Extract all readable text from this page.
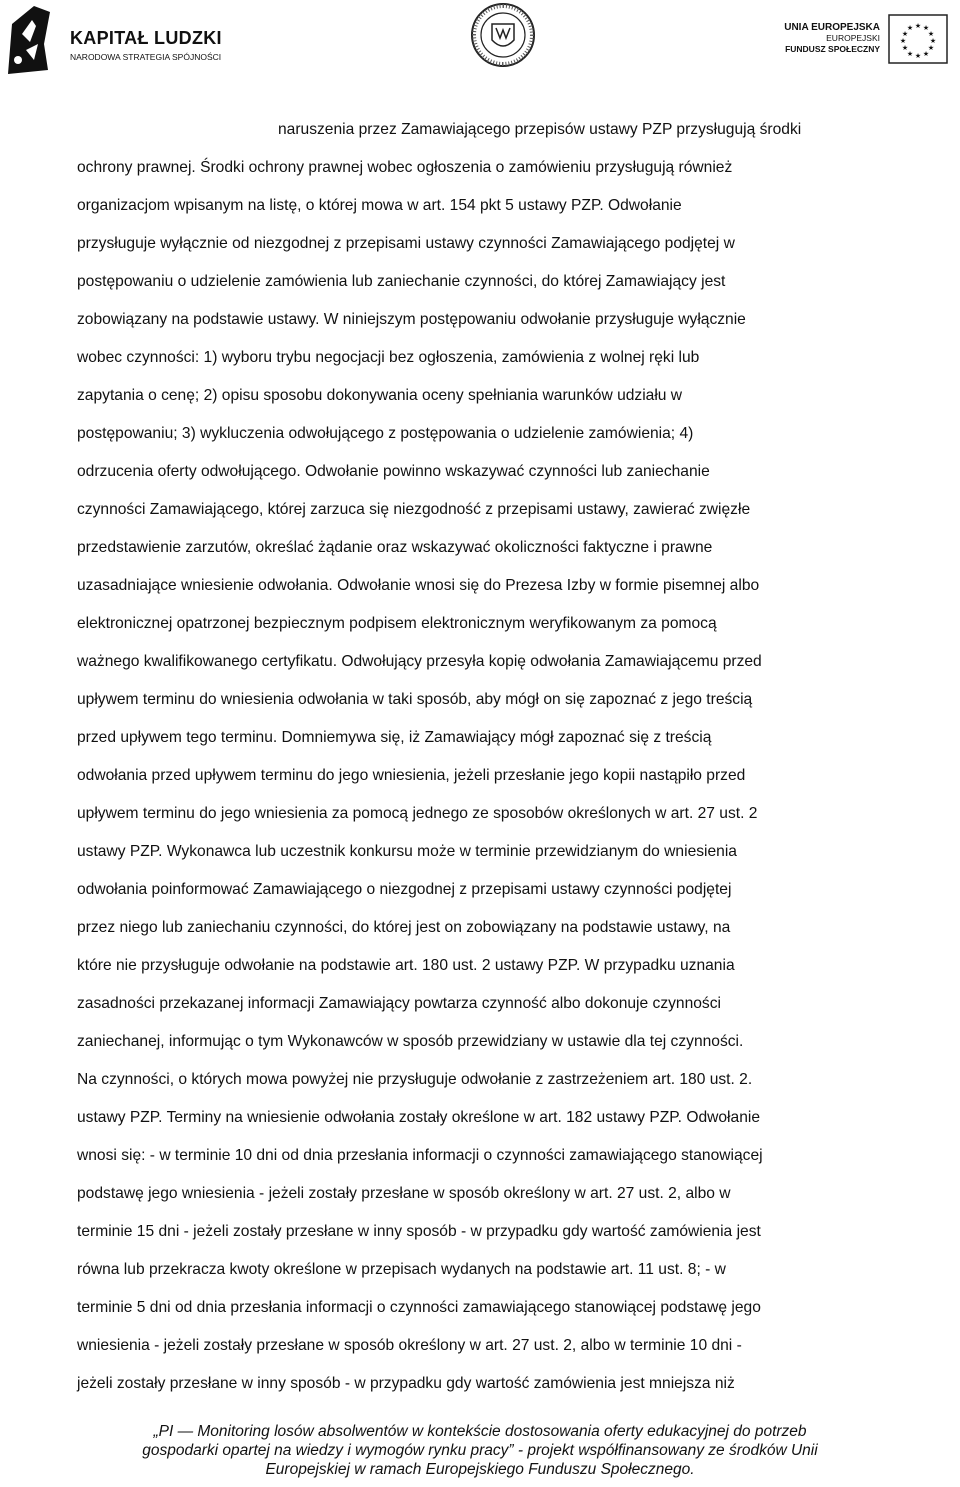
KAPITAŁ LUDZKI
NARODOWA STRATEGIA SPÓJNOŚCI
UNIA EUROPEJSKA
EUROPEJSKI
FUNDUSZ SPOŁECZNY
★ ★
★
★
★
★
★
★
★
★
★
★
naruszenia przez Zamawiającego przepisów ustawy PZP przysługują środki
ochrony prawnej. Środki ochrony prawnej wobec ogłoszenia o zamówieniu przysługują również
organizacjom wpisanym na listę, o której mowa w art. 154 pkt 5 ustawy PZP. Odwołanie
przysługuje wyłącznie od niezgodnej z przepisami ustawy czynności Zamawiającego podjętej w
postępowaniu o udzielenie zamówienia lub zaniechanie czynności, do której Zamawiający jest
zobowiązany na podstawie ustawy. W niniejszym postępowaniu odwołanie przysługuje wyłącznie
wobec czynności: 1) wyboru trybu negocjacji bez ogłoszenia, zamówienia z wolnej ręki lub
zapytania o cenę; 2) opisu sposobu dokonywania oceny spełniania warunków udziału w
postępowaniu; 3) wykluczenia odwołującego z postępowania o udzielenie zamówienia; 4)
odrzucenia oferty odwołującego. Odwołanie powinno wskazywać czynności lub zaniechanie
czynności Zamawiającego, której zarzuca się niezgodność z przepisami ustawy, zawierać zwięzłe
przedstawienie zarzutów, określać żądanie oraz wskazywać okoliczności faktyczne i prawne
uzasadniające wniesienie odwołania. Odwołanie wnosi się do Prezesa Izby w formie pisemnej albo
elektronicznej opatrzonej bezpiecznym podpisem elektronicznym weryfikowanym za pomocą
ważnego kwalifikowanego certyfikatu. Odwołujący przesyła kopię odwołania Zamawiającemu przed
upływem terminu do wniesienia odwołania w taki sposób, aby mógł on się zapoznać z jego treścią
przed upływem tego terminu. Domniemywa się, iż Zamawiający mógł zapoznać się z treścią
odwołania przed upływem terminu do jego wniesienia, jeżeli przesłanie jego kopii nastąpiło przed
upływem terminu do jego wniesienia za pomocą jednego ze sposobów określonych w art. 27 ust. 2
ustawy PZP. Wykonawca lub uczestnik konkursu może w terminie przewidzianym do wniesienia
odwołania poinformować Zamawiającego o niezgodnej z przepisami ustawy czynności podjętej
przez niego lub zaniechaniu czynności, do której jest on zobowiązany na podstawie ustawy, na
które nie przysługuje odwołanie na podstawie art. 180 ust. 2 ustawy PZP. W przypadku uznania
zasadności przekazanej informacji Zamawiający powtarza czynność albo dokonuje czynności
zaniechanej, informując o tym Wykonawców w sposób przewidziany w ustawie dla tej czynności.
Na czynności, o których mowa powyżej nie przysługuje odwołanie z zastrzeżeniem art. 180 ust. 2.
ustawy PZP. Terminy na wniesienie odwołania zostały określone w art. 182 ustawy PZP. Odwołanie
wnosi się: - w terminie 10 dni od dnia przesłania informacji o czynności zamawiającego stanowiącej
podstawę jego wniesienia - jeżeli zostały przesłane w sposób określony w art. 27 ust. 2, albo w
terminie 15 dni - jeżeli zostały przesłane w inny sposób - w przypadku gdy wartość zamówienia jest
równa lub przekracza kwoty określone w przepisach wydanych na podstawie art. 11 ust. 8; - w
terminie 5 dni od dnia przesłania informacji o czynności zamawiającego stanowiącej podstawę jego
wniesienia - jeżeli zostały przesłane w sposób określony w art. 27 ust. 2, albo w terminie 10 dni -
jeżeli zostały przesłane w inny sposób - w przypadku gdy wartość zamówienia jest mniejsza niż
„PI — Monitoring losów absolwentów w kontekście dostosowania oferty edukacyjnej do potrzeb
gospodarki opartej na wiedzy i wymogów rynku pracy” - projekt współfinansowany ze środków Unii
Europejskiej w ramach Europejskiego Funduszu Społecznego.
